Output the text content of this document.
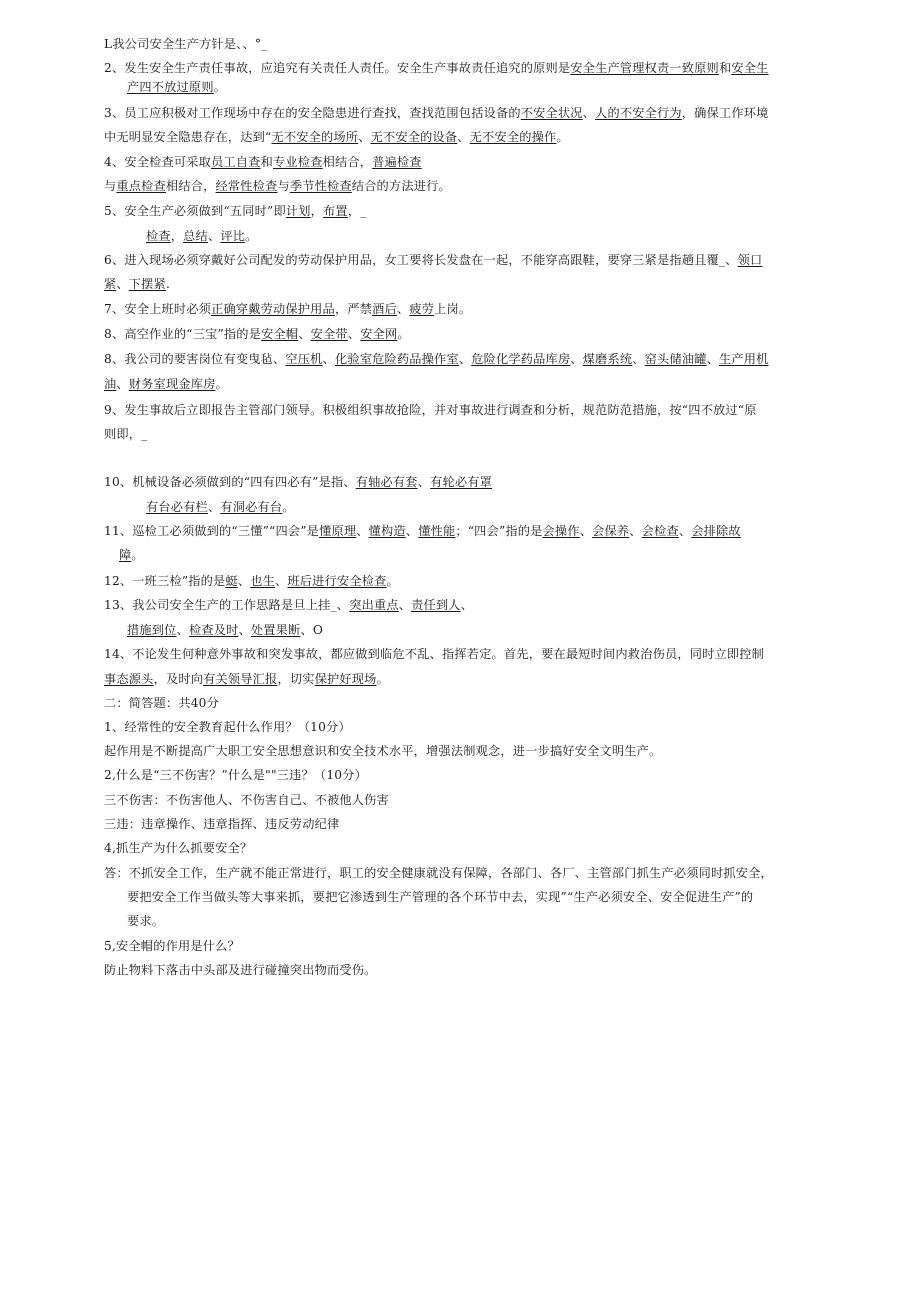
L我公司安全生产方针是、、°_
2、发生安全生产责任事故，应追究有关责任人责任。安全生产事故责任追究的原则是安全生产管理权责一致原则和安全生
产四不放过原则。
3、员工应积极对工作现场中存在的安全隐患进行查找，查找范围包括设备的不安全状况、人的不安全行为，确保工作环境
中无明显安全隐患存在，达到“无不安全的场所、无不安全的设备、无不安全的操作。
4、安全检查可采取员工自查和专业检查相结合，普遍检查
与重点检查相结合，经常性检查与季节性检查结合的方法进行。
5、安全生产必须做到“五同时”即计划，布置，_
检查，总结、评比。
6、进入现场必须穿戴好公司配发的劳动保护用品，女工要将长发盘在一起，不能穿高跟鞋，要穿三紧是指趟且覆_、领口
紧、下摆紧.
7、安全上班时必须正确穿戴劳动保护用品，严禁酒后、疲劳上岗。
8、高空作业的“三宝”指的是安全帽、安全带、安全网。
8、我公司的要害岗位有变曳毡、空压机、化验室危险药品操作室、危险化学药品库房、煤磨系统、窑头储油罐、生产用机
油、财务室现金库房。
9、发生事故后立即报告主管部门领导。积极组织事故抢险，并对事故进行调查和分析，规范防范措施，按“四不放过“原
则即，_
10、机械设备必须做到的“四有四必有”是指、有轴必有套、有轮必有罩
有台必有栏、有洞必有台。
11、巡检工必须做到的“三懂”“四会”是懂原理、懂构造、懂性能；“四会”指的是会操作、会保养、会检查、会排除故
障。
12、一班三检”指的是蜓、也生、班后进行安全检查。
13、我公司安全生产的工作思路是旦上挂_、突出重点、责任到人、
措施到位、检查及时、处置果断、O
14、不论发生何种意外事故和突发事故，都应做到临危不乱、指挥若定。首先，要在最短时间内救治伤员，同时立即控制
事态源头，及时向有关领导汇报，切实保护好现场。
二：简答题：共40分
1、经常性的安全教育起什么作用？（10分）
起作用是不断提高广大职工安全思想意识和安全技术水平，增强法制观念，进一步搞好安全文明生产。
2,什么是“三不伤害？”什么是""三违？（10分）
三不伤害：不伤害他人、不伤害自己、不被他人伤害
三违：违章操作、违章指挥、违反劳动纪律
4,抓生产为什么抓要安全？
答：不抓安全工作，生产就不能正常进行，职工的安全健康就没有保障，各部门、各厂、主管部门抓生产必须同时抓安全，
要把安全工作当做头等大事来抓，要把它渗透到生产管理的各个环节中去，实现”“生产必须安全、安全促进生产”的
要求。
5,安全帽的作用是什么？
防止物料下落击中头部及进行碰撞突出物而受伤。
